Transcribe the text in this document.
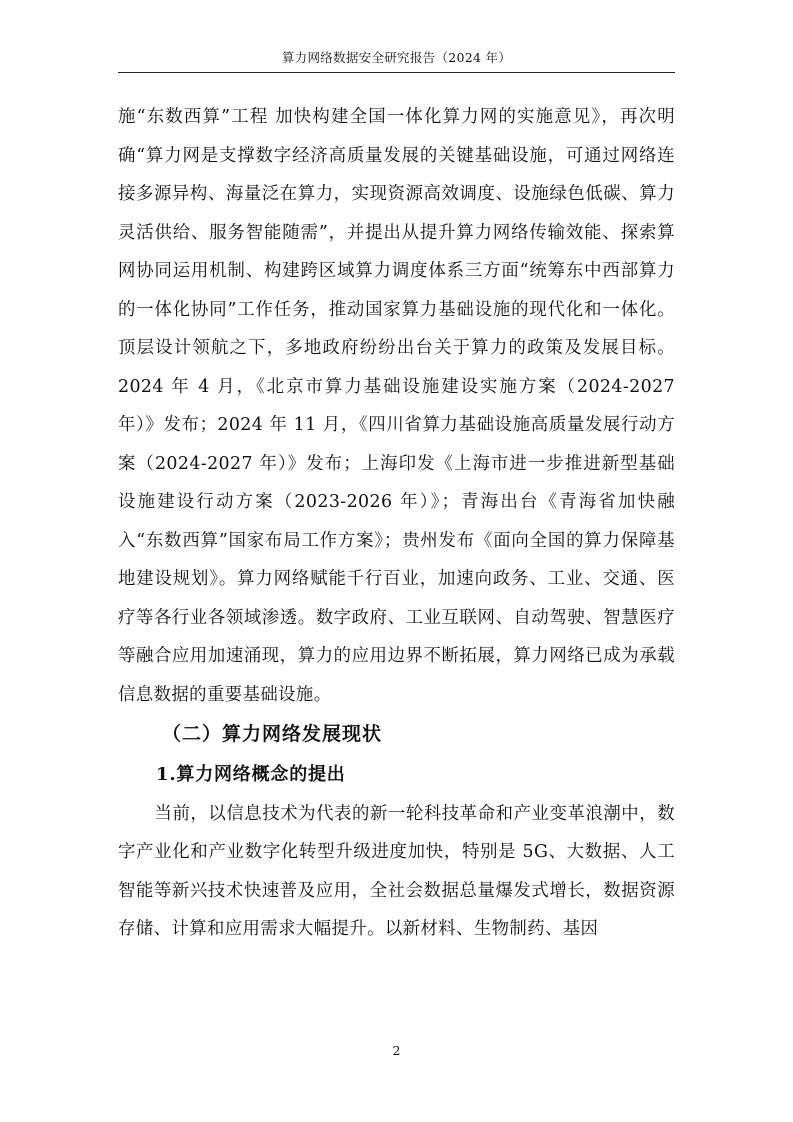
算力网络数据安全研究报告（2024 年）

施“东数西算”工程 加快构建全国一体化算力网的实施意见》，再次明确“算力网是支撑数字经济高质量发展的关键基础设施，可通过网络连接多源异构、海量泛在算力，实现资源高效调度、设施绿色低碳、算力灵活供给、服务智能随需”，并提出从提升算力网络传输效能、探索算网协同运用机制、构建跨区域算力调度体系三方面“统筹东中西部算力的一体化协同”工作任务，推动国家算力基础设施的现代化和一体化。顶层设计领航之下，多地政府纷纷出台关于算力的政策及发展目标。2024 年 4 月，《北京市算力基础设施建设实施方案（2024-2027 年）》发布；2024 年 11 月，《四川省算力基础设施高质量发展行动方案（2024-2027 年）》发布；上海印发《上海市进一步推进新型基础设施建设行动方案（2023-2026 年）》；青海出台《青海省加快融入“东数西算”国家布局工作方案》；贵州发布《面向全国的算力保障基地建设规划》。算力网络赋能千行百业，加速向政务、工业、交通、医疗等各行业各领域渗透。数字政府、工业互联网、自动驾驶、智慧医疗等融合应用加速涌现，算力的应用边界不断拓展，算力网络已成为承载信息数据的重要基础设施。

（二）算力网络发展现状
1.算力网络概念的提出

当前，以信息技术为代表的新一轮科技革命和产业变革浪潮中，数字产业化和产业数字化转型升级进度加快，特别是 5G、大数据、人工智能等新兴技术快速普及应用，全社会数据总量爆发式增长，数据资源存储、计算和应用需求大幅提升。以新材料、生物制药、基因

2
